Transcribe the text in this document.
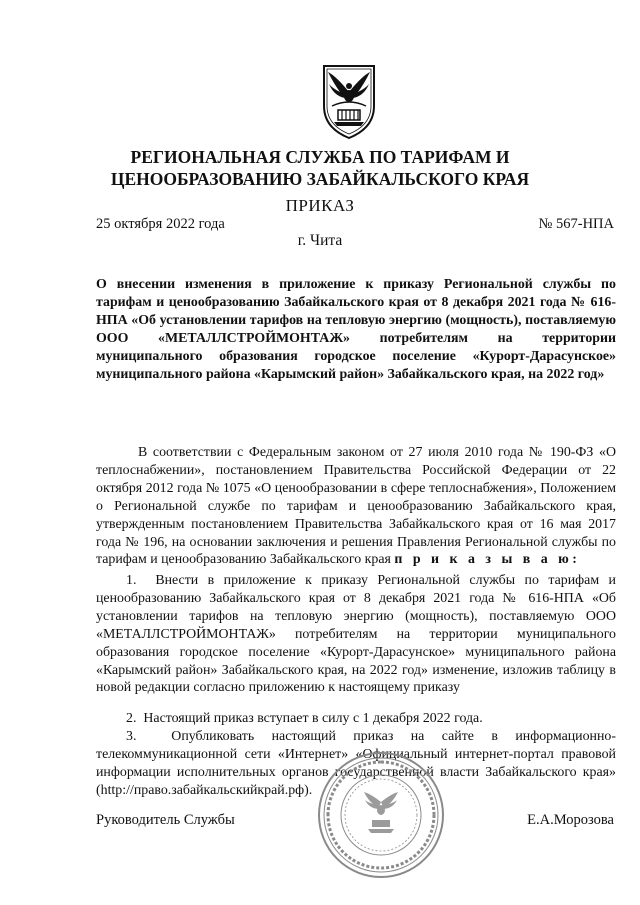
РЕГИОНАЛЬНАЯ СЛУЖБА ПО ТАРИФАМ И
ЦЕНООБРАЗОВАНИЮ ЗАБАЙКАЛЬСКОГО КРАЯ
ПРИКАЗ
25 октября 2022 года	№ 567-НПА
г. Чита
О внесении изменения в приложение к приказу Региональной службы по тарифам и ценообразованию Забайкальского края от 8 декабря 2021 года № 616-НПА «Об установлении тарифов на тепловую энергию (мощность), поставляемую ООО «МЕТАЛЛСТРОЙМОНТАЖ» потребителям на территории муниципального образования городское поселение «Курорт-Дарасунское» муниципального района «Карымский район» Забайкальского края, на 2022 год»
В соответствии с Федеральным законом от 27 июля 2010 года № 190-ФЗ «О теплоснабжении», постановлением Правительства Российской Федерации от 22 октября 2012 года № 1075 «О ценообразовании в сфере теплоснабжения», Положением о Региональной службе по тарифам и ценообразованию Забайкальского края, утвержденным постановлением Правительства Забайкальского края от 16 мая 2017 года № 196, на основании заключения и решения Правления Региональной службы по тарифам и ценообразованию Забайкальского края п р и к а з ы в а ю:
1. Внести в приложение к приказу Региональной службы по тарифам и ценообразованию Забайкальского края от 8 декабря 2021 года № 616-НПА «Об установлении тарифов на тепловую энергию (мощность), поставляемую ООО «МЕТАЛЛСТРОЙМОНТАЖ» потребителям на территории муниципального образования городское поселение «Курорт-Дарасунское» муниципального района «Карымский район» Забайкальского края, на 2022 год» изменение, изложив таблицу в новой редакции согласно приложению к настоящему приказу
2. Настоящий приказ вступает в силу с 1 декабря 2022 года.
3.	Опубликовать настоящий приказ на сайте в информационно-телекоммуникационной сети «Интернет» «Официальный интернет-портал правовой информации исполнительных органов государственной власти Забайкальского края» (http://право.забайкальскийкрай.рф).
Руководитель Службы	Е.А.Морозова
